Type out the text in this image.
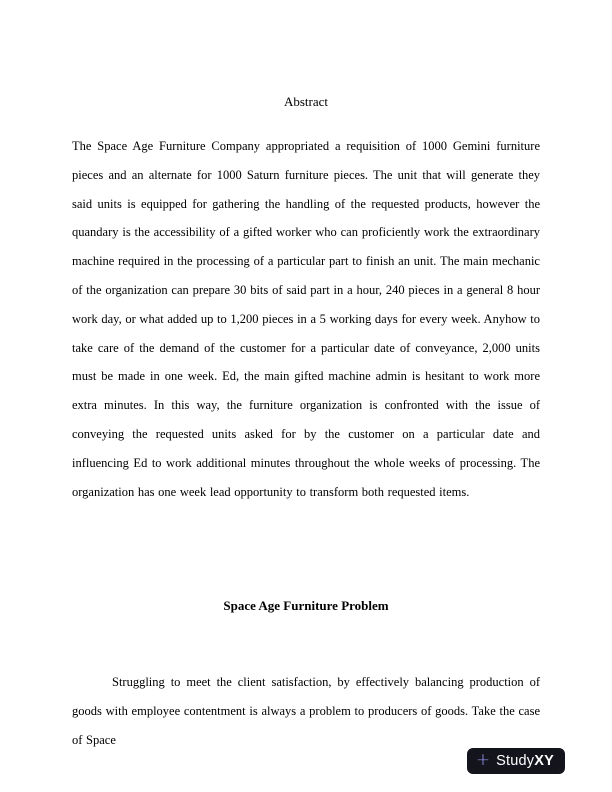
Abstract

The Space Age Furniture Company appropriated a requisition of 1000 Gemini furniture pieces and an alternate for 1000 Saturn furniture pieces. The unit that will generate they said units is equipped for gathering the handling of the requested products, however the quandary is the accessibility of a gifted worker who can proficiently work the extraordinary machine required in the processing of a particular part to finish an unit. The main mechanic of the organization can prepare 30 bits of said part in a hour, 240 pieces in a general 8 hour work day, or what added up to 1,200 pieces in a 5 working days for every week. Anyhow to take care of the demand of the customer for a particular date of conveyance, 2,000 units must be made in one week. Ed, the main gifted machine admin is hesitant to work more extra minutes. In this way, the furniture organization is confronted with the issue of conveying the requested units asked for by the customer on a particular date and influencing Ed to work additional minutes throughout the whole weeks of processing. The organization has one week lead opportunity to transform both requested items.

Space Age Furniture Problem

Struggling to meet the client satisfaction, by effectively balancing production of goods with employee contentment is always a problem to producers of goods. Take the case of Space

+ StudyXY
